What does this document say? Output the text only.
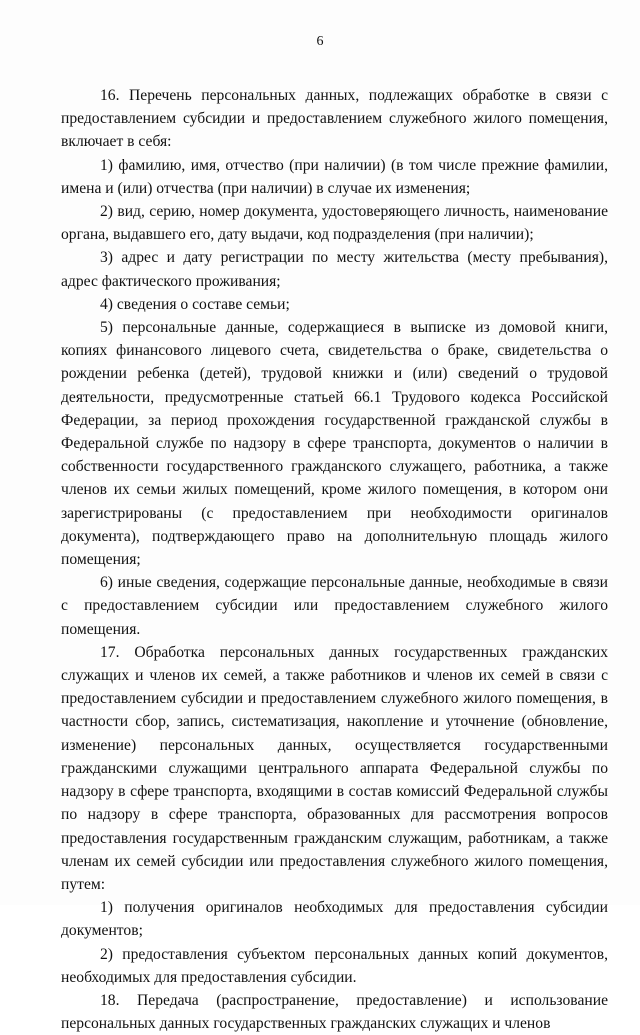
6

16. Перечень персональных данных, подлежащих обработке в связи с предоставлением субсидии и предоставлением служебного жилого помещения, включает в себя:

1) фамилию, имя, отчество (при наличии) (в том числе прежние фамилии, имена и (или) отчества (при наличии) в случае их изменения;

2) вид, серию, номер документа, удостоверяющего личность, наименование органа, выдавшего его, дату выдачи, код подразделения (при наличии);

3) адрес и дату регистрации по месту жительства (месту пребывания), адрес фактического проживания;

4) сведения о составе семьи;

5) персональные данные, содержащиеся в выписке из домовой книги, копиях финансового лицевого счета, свидетельства о браке, свидетельства о рождении ребенка (детей), трудовой книжки и (или) сведений о трудовой деятельности, предусмотренные статьей 66.1 Трудового кодекса Российской Федерации, за период прохождения государственной гражданской службы в Федеральной службе по надзору в сфере транспорта, документов о наличии в собственности государственного гражданского служащего, работника, а также членов их семьи жилых помещений, кроме жилого помещения, в котором они зарегистрированы (с предоставлением при необходимости оригиналов документа), подтверждающего право на дополнительную площадь жилого помещения;

6) иные сведения, содержащие персональные данные, необходимые в связи с предоставлением субсидии или предоставлением служебного жилого помещения.

17. Обработка персональных данных государственных гражданских служащих и членов их семей, а также работников и членов их семей в связи с предоставлением субсидии и предоставлением служебного жилого помещения, в частности сбор, запись, систематизация, накопление и уточнение (обновление, изменение) персональных данных, осуществляется государственными гражданскими служащими центрального аппарата Федеральной службы по надзору в сфере транспорта, входящими в состав комиссий Федеральной службы по надзору в сфере транспорта, образованных для рассмотрения вопросов предоставления государственным гражданским служащим, работникам, а также членам их семей субсидии или предоставления служебного жилого помещения, путем:

1) получения оригиналов необходимых для предоставления субсидии документов;

2) предоставления субъектом персональных данных копий документов, необходимых для предоставления субсидии.

18. Передача (распространение, предоставление) и использование персональных данных государственных гражданских служащих и членов
